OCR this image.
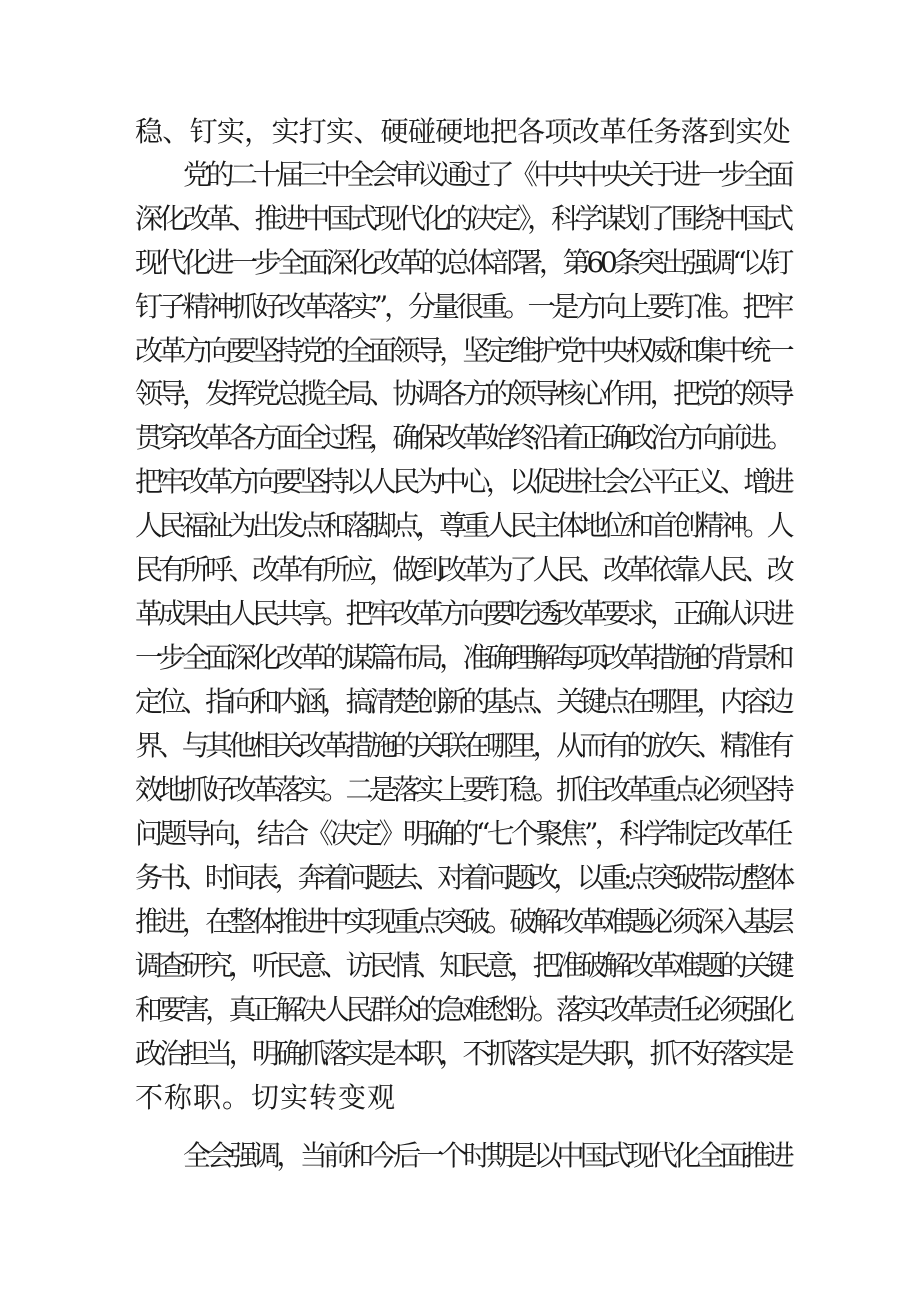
稳、钉实，实打实、硬碰硬地把各项改革任务落到实处
党的二十届三中全会审议通过了《中共中央关于进一步全面
深化改革、推进中国式现代化的决定》，科学谋划了围绕中国式
现代化进一步全面深化改革的总体部署，第60条突出强调“以钉
钉子精神抓好改革落实”，分量很重。一是方向上要钉准。把牢
改革方向要坚持党的全面领导，坚定维护党中央权威和集中统一
领导，发挥党总揽全局、协调各方的领导核心作用，把党的领导
贯穿改革各方面全过程，确保改革始终沿着正确政治方向前进。
把牢改革方向要坚持以人民为中心，以促进社会公平正义、增进
人民福祉为出发点和落脚点，尊重人民主体地位和首创精神。人
民有所呼、改革有所应，做到改革为了人民、改革依靠人民、改
革成果由人民共享。把牢改革方向要吃透改革要求，正确认识进
一步全面深化改革的谋篇布局，准确理解每项改革措施的背景和
定位、指向和内涵，搞清楚创新的基点、关键点在哪里，内容边
界、与其他相关改革措施的关联在哪里，从而有的放矢、精准有
效地抓好改革落实。二是落实上要钉稳。抓住改革重点必须坚持
问题导向，结合《决定》明确的“七个聚焦”，科学制定改革任
务书、时间表，奔着问题去、对着问题改，以重:点突破带动整体
推进，在整体推进中实现重点突破。破解改革难题必须深入基层
调查研究，听民意、访民情、知民意，把准破解改革难题的关键
和要害，真正解决人民群众的急难愁盼。落实改革责任必须强化
政治担当，明确抓落实是本职，不抓落实是失职，抓不好落实是
不称职。切实转变观
全会强调，当前和今后一个时期是以中国式现代化全面推进
